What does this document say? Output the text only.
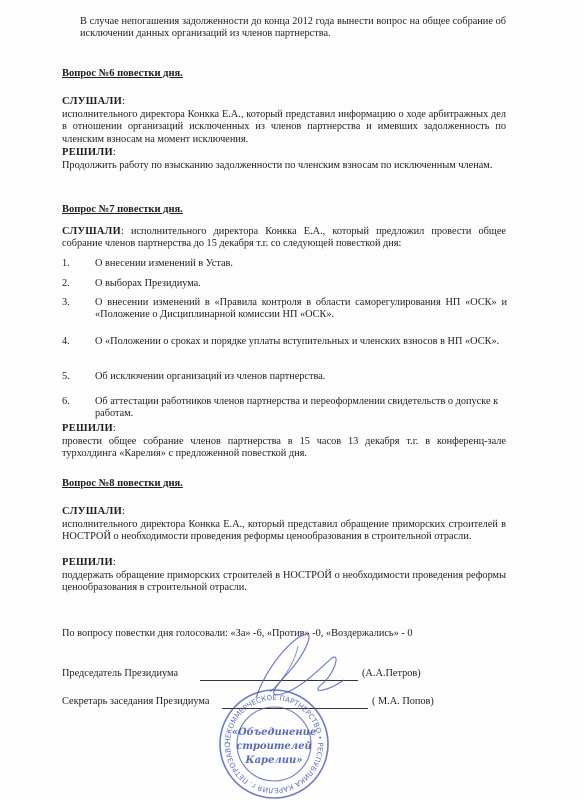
В случае непогашения задолженности до конца 2012 года вынести вопрос на общее собрание об исключении данных организаций из членов партнерства.
Вопрос №6 повестки дня.
СЛУШАЛИ:
исполнительного директора Конкка Е.А., который представил информацию о ходе арбитражных дел в отношении организаций исключенных из членов партнерства и имевших задолженность по членским взносам на момент исключения.
РЕШИЛИ:
Продолжить работу по взысканию задолженности по членским взносам по исключенным членам.
Вопрос №7 повестки дня.
СЛУШАЛИ: исполнительного директора Конкка Е.А., который предложил провести общее собрание членов партнерства до 15 декабря т.г. со следующей повесткой дня:
1. О внесении изменений в Устав.
2. О выборах Президиума.
3. О внесении изменений в «Правила контроля в области саморегулирования НП «ОСК» и «Положение о Дисциплинарной комиссии НП «ОСК».
4. О «Положении о сроках и порядке уплаты вступительных и членских взносов в НП «ОСК».
5. Об исключении организаций из членов партнерства.
6. Об аттестации работников членов партнерства и переоформлении свидетельств о допуске к работам.
РЕШИЛИ:
провести общее собрание членов партнерства в 15 часов 13 декабря т.г. в конференц-зале турхолдинга «Карелия» с предложенной повесткой дня.
Вопрос №8 повестки дня.
СЛУШАЛИ:
исполнительного директора Конкка Е.А., который представил обращение приморских строителей в НОСТРОЙ о необходимости проведения реформы ценообразования в строительной отрасли.
РЕШИЛИ:
поддержать обращение приморских строителей в НОСТРОЙ о необходимости проведения реформы ценообразования в строительной отрасли.
По вопросу повестки дня голосовали: «За» -6, «Против» -0, «Воздержались» - 0
Председатель Президиума	(А.А.Петров)
Секретарь заседания Президиума	( М.А. Попов)
НЕКОММЕРЧЕСКОЕ ПАРТНЕРСТВО • РЕСПУБЛИКА КАРЕЛИЯ г. ПЕТРОЗАВО
«Объединение
строителей
Карелии»
